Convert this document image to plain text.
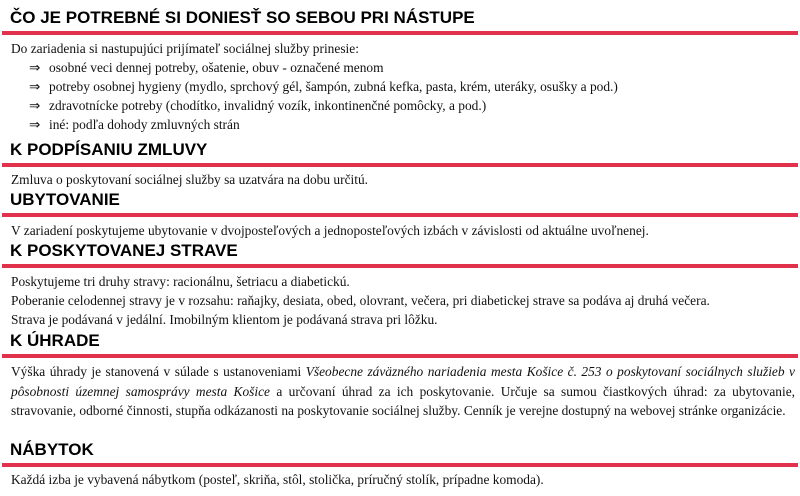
ČO JE POTREBNÉ SI DONIESŤ SO SEBOU PRI NÁSTUPE
Do zariadenia si nastupujúci prijímateľ sociálnej služby prinesie:
⇒ osobné veci dennej potreby, ošatenie, obuv - označené menom
⇒ potreby osobnej hygieny (mydlo, sprchový gél, šampón, zubná kefka, pasta, krém, uteráky, osušky a pod.)
⇒ zdravotnícke potreby (chodítko, invalidný vozík, inkontinenčné pomôcky, a pod.)
⇒ iné: podľa dohody zmluvných strán
K PODPÍSANIU ZMLUVY
Zmluva o poskytovaní sociálnej služby sa uzatvára na dobu určitú.
UBYTOVANIE
V zariadení poskytujeme ubytovanie v dvojposteľových a jednoposteľových izbách v závislosti od aktuálne uvoľnenej.
K POSKYTOVANEJ STRAVE
Poskytujeme tri druhy stravy: racionálnu, šetriacu a diabetickú.
Poberanie celodennej stravy je v rozsahu: raňajky, desiata, obed, olovrant, večera, pri diabetickej strave sa podáva aj druhá večera.
Strava je podávaná v jedální. Imobilným klientom je podávaná strava pri lôžku.
K ÚHRADE
Výška úhrady je stanovená v súlade s ustanoveniami Všeobecne záväzného nariadenia mesta Košice č. 253 o poskytovaní sociálnych služieb v pôsobnosti územnej samosprávy mesta Košice a určovaní úhrad za ich poskytovanie. Určuje sa sumou čiastkových úhrad: za ubytovanie, stravovanie, odborné činnosti, stupňa odkázanosti na poskytovanie sociálnej služby. Cenník je verejne dostupný na webovej stránke organizácie.
NÁBYTOK
Každá izba je vybavená nábytkom (posteľ, skriňa, stôl, stolička, príručný stolík, prípadne komoda).
